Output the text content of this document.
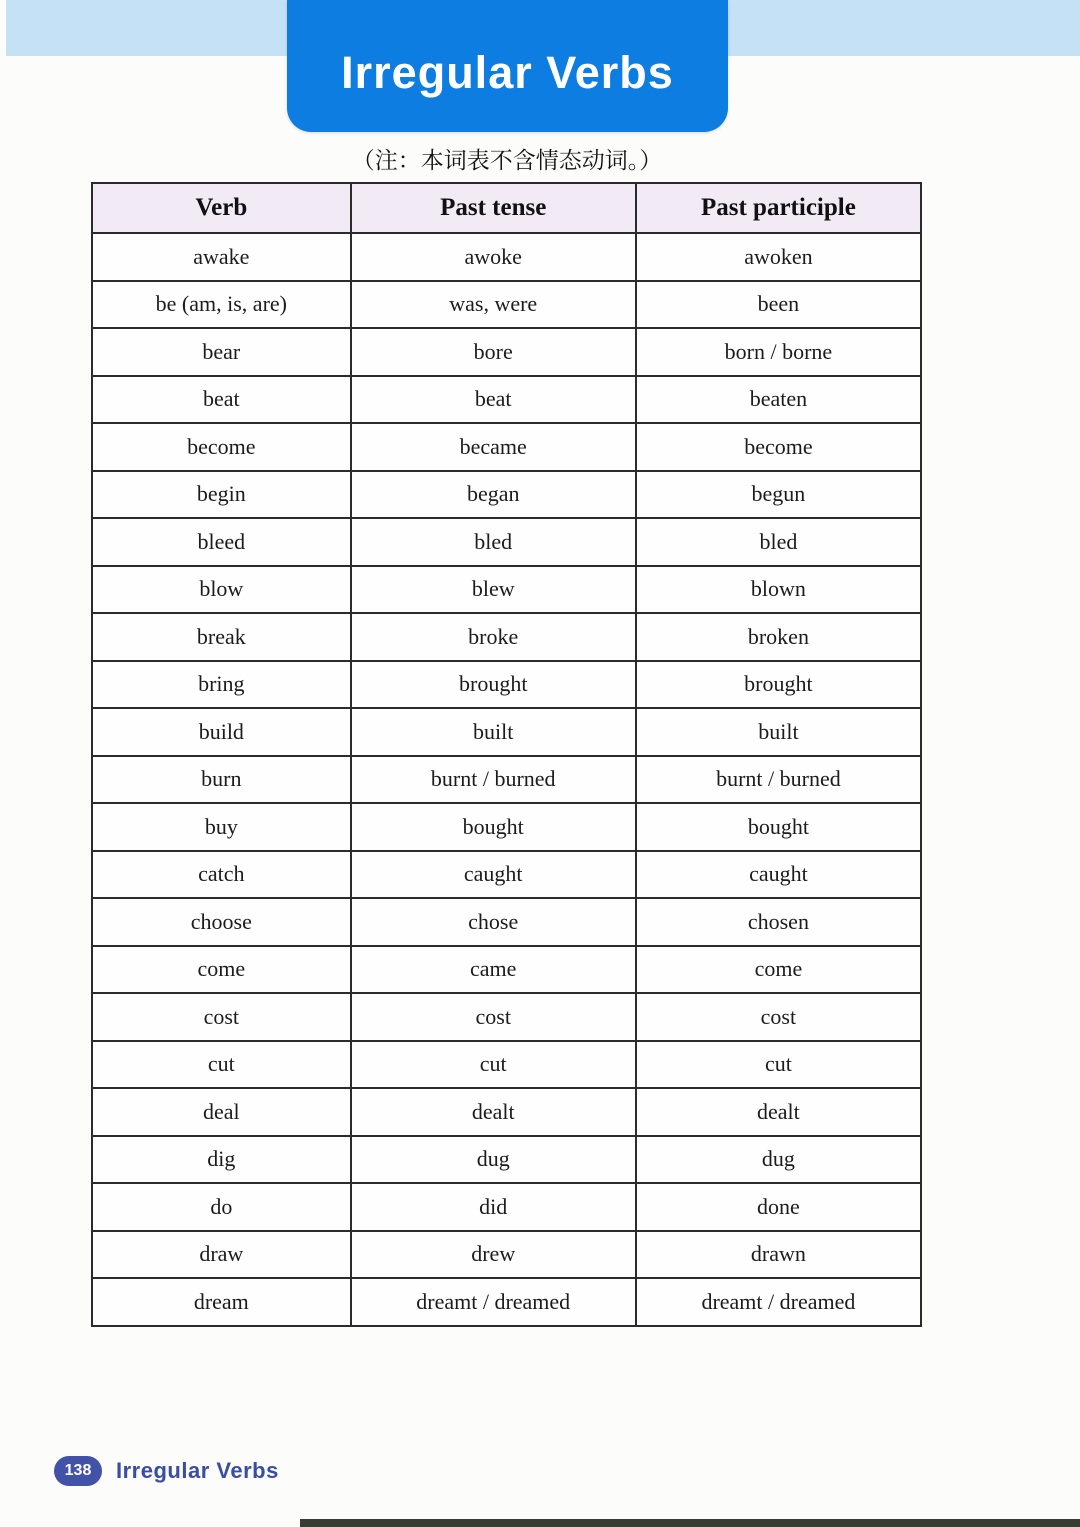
Irregular Verbs
（注：本词表不含情态动词。）
Verb	Past tense	Past participle
awake	awoke	awoken
be (am, is, are)	was, were	been
bear	bore	born / borne
beat	beat	beaten
become	became	become
begin	began	begun
bleed	bled	bled
blow	blew	blown
break	broke	broken
bring	brought	brought
build	built	built
burn	burnt / burned	burnt / burned
buy	bought	bought
catch	caught	caught
choose	chose	chosen
come	came	come
cost	cost	cost
cut	cut	cut
deal	dealt	dealt
dig	dug	dug
do	did	done
draw	drew	drawn
dream	dreamt / dreamed	dreamt / dreamed
138	Irregular Verbs
